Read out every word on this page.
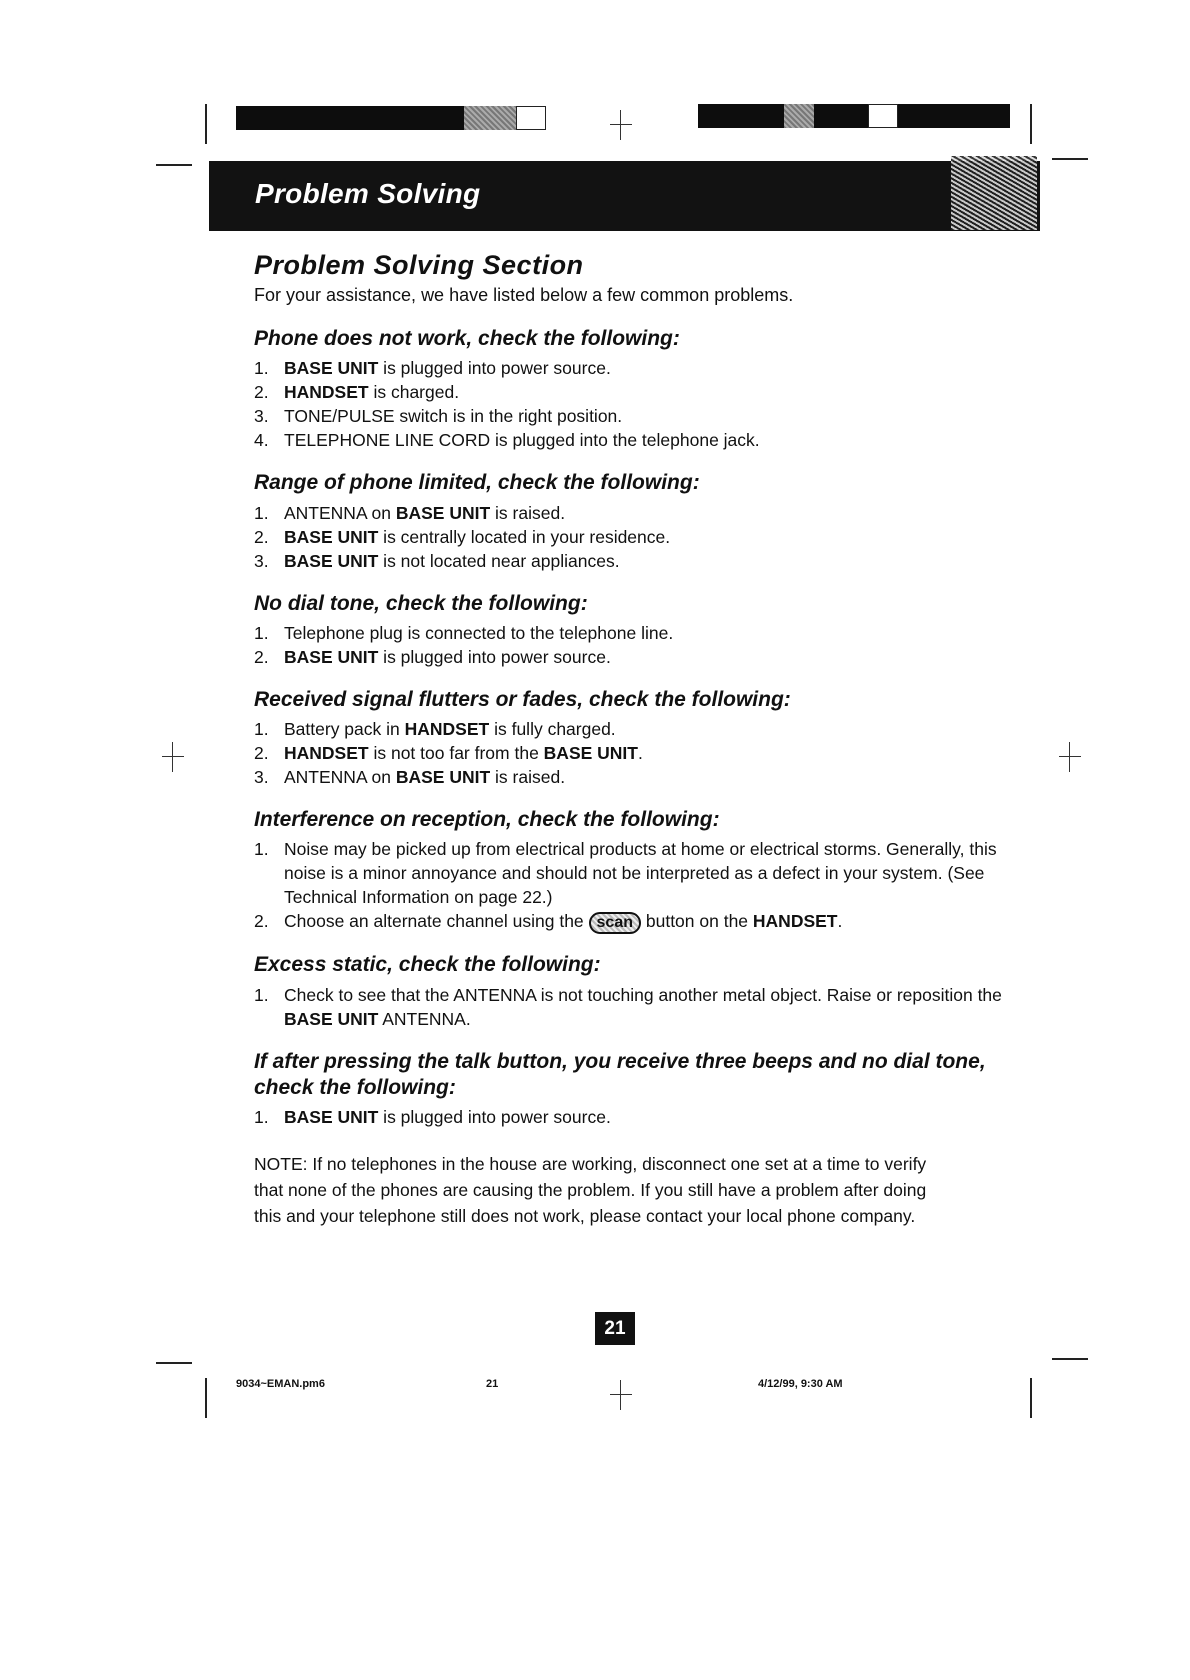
Problem Solving
Problem Solving Section
For your assistance, we have listed below a few common problems.
Phone does not work, check the following:
1. BASE UNIT is plugged into power source.
2. HANDSET is charged.
3. TONE/PULSE switch is in the right position.
4. TELEPHONE LINE CORD is plugged into the telephone jack.
Range of phone limited, check the following:
1. ANTENNA on BASE UNIT is raised.
2. BASE UNIT is centrally located in your residence.
3. BASE UNIT is not located near appliances.
No dial tone, check the following:
1. Telephone plug is connected to the telephone line.
2. BASE UNIT is plugged into power source.
Received signal flutters or fades, check the following:
1. Battery pack in HANDSET is fully charged.
2. HANDSET is not too far from the BASE UNIT.
3. ANTENNA on BASE UNIT is raised.
Interference on reception, check the following:
1. Noise may be picked up from electrical products at home or electrical storms. Generally, this noise is a minor annoyance and should not be interpreted as a defect in your system. (See Technical Information on page 22.)
2. Choose an alternate channel using the scan button on the HANDSET.
Excess static, check the following:
1. Check to see that the ANTENNA is not touching another metal object. Raise or reposition the BASE UNIT ANTENNA.
If after pressing the talk button, you receive three beeps and no dial tone, check the following:
1. BASE UNIT is plugged into power source.
NOTE: If no telephones in the house are working, disconnect one set at a time to verify that none of the phones are causing the problem. If you still have a problem after doing this and your telephone still does not work, please contact your local phone company.
21
9034~EMAN.pm6	21	4/12/99, 9:30 AM
